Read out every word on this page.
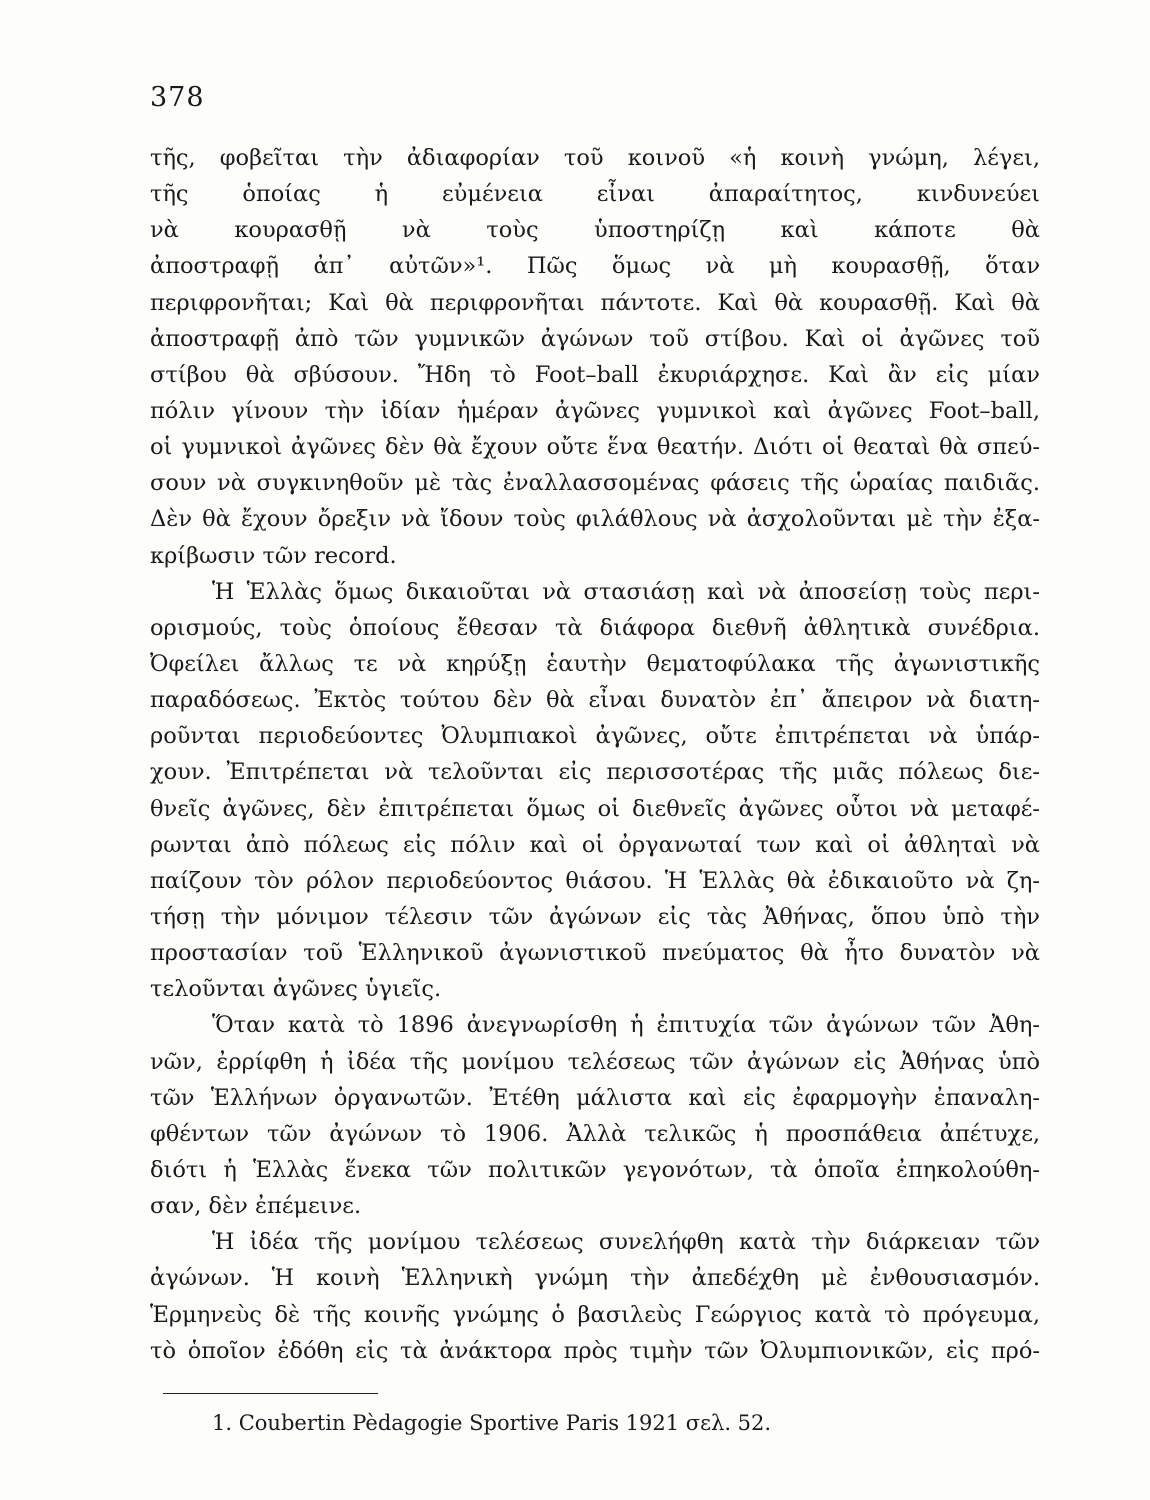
378
τῆς, φοβεῖται τὴν ἀδιαφορίαν τοῦ κοινοῦ «ἡ κοινὴ γνώμη, λέγει,
τῆς ὁποίας ἡ εὐμένεια εἶναι ἀπαραίτητος, κινδυνεύει
νὰ κουρασθῇ νὰ τοὺς ὑποστηρίζῃ καὶ κάποτε θὰ
ἀποστραφῇ ἀπ᾽ αὐτῶν»¹. Πῶς ὅμως νὰ μὴ κουρασθῇ, ὅταν
περιφρονῆται; Καὶ θὰ περιφρονῆται πάντοτε. Καὶ θὰ κουρασθῇ. Καὶ θὰ
ἀποστραφῇ ἀπὸ τῶν γυμνικῶν ἀγώνων τοῦ στίβου. Καὶ οἱ ἀγῶνες τοῦ
στίβου θὰ σβύσουν. Ἤδη τὸ Foot–ball ἐκυριάρχησε. Καὶ ἂν εἰς μίαν
πόλιν γίνουν τὴν ἰδίαν ἡμέραν ἀγῶνες γυμνικοὶ καὶ ἀγῶνες Foot–ball,
οἱ γυμνικοὶ ἀγῶνες δὲν θὰ ἔχουν οὔτε ἕνα θεατήν. Διότι οἱ θεαταὶ θὰ σπεύ-
σουν νὰ συγκινηθοῦν μὲ τὰς ἐναλλασσομένας φάσεις τῆς ὡραίας παιδιᾶς.
Δὲν θὰ ἔχουν ὄρεξιν νὰ ἴδουν τοὺς φιλάθλους νὰ ἀσχολοῦνται μὲ τὴν ἐξα-
κρίβωσιν τῶν record.
Ἡ Ἑλλὰς ὅμως δικαιοῦται νὰ στασιάσῃ καὶ νὰ ἀποσείσῃ τοὺς περι-
ορισμούς, τοὺς ὁποίους ἔθεσαν τὰ διάφορα διεθνῆ ἀθλητικὰ συνέδρια.
Ὀφείλει ἄλλως τε νὰ κηρύξῃ ἑαυτὴν θεματοφύλακα τῆς ἀγωνιστικῆς
παραδόσεως. Ἐκτὸς τούτου δὲν θὰ εἶναι δυνατὸν ἐπ᾽ ἄπειρον νὰ διατη-
ροῦνται περιοδεύοντες Ὀλυμπιακοὶ ἀγῶνες, οὔτε ἐπιτρέπεται νὰ ὑπάρ-
χουν. Ἐπιτρέπεται νὰ τελοῦνται εἰς περισσοτέρας τῆς μιᾶς πόλεως διε-
θνεῖς ἀγῶνες, δὲν ἐπιτρέπεται ὅμως οἱ διεθνεῖς ἀγῶνες οὗτοι νὰ μεταφέ-
ρωνται ἀπὸ πόλεως εἰς πόλιν καὶ οἱ ὀργανωταί των καὶ οἱ ἀθληταὶ νὰ
παίζουν τὸν ρόλον περιοδεύοντος θιάσου. Ἡ Ἑλλὰς θὰ ἐδικαιοῦτο νὰ ζη-
τήσῃ τὴν μόνιμον τέλεσιν τῶν ἀγώνων εἰς τὰς Ἀθήνας, ὅπου ὑπὸ τὴν
προστασίαν τοῦ Ἑλληνικοῦ ἀγωνιστικοῦ πνεύματος θὰ ἦτο δυνατὸν νὰ
τελοῦνται ἀγῶνες ὑγιεῖς.
Ὅταν κατὰ τὸ 1896 ἀνεγνωρίσθη ἡ ἐπιτυχία τῶν ἀγώνων τῶν Ἀθη-
νῶν, ἐρρίφθη ἡ ἰδέα τῆς μονίμου τελέσεως τῶν ἀγώνων εἰς Ἀθήνας ὑπὸ
τῶν Ἑλλήνων ὀργανωτῶν. Ἐτέθη μάλιστα καὶ εἰς ἐφαρμογὴν ἐπαναλη-
φθέντων τῶν ἀγώνων τὸ 1906. Ἀλλὰ τελικῶς ἡ προσπάθεια ἀπέτυχε,
διότι ἡ Ἑλλὰς ἕνεκα τῶν πολιτικῶν γεγονότων, τὰ ὁποῖα ἐπηκολούθη-
σαν, δὲν ἐπέμεινε.
Ἡ ἰδέα τῆς μονίμου τελέσεως συνελήφθη κατὰ τὴν διάρκειαν τῶν
ἀγώνων. Ἡ κοινὴ Ἑλληνικὴ γνώμη τὴν ἀπεδέχθη μὲ ἐνθουσιασμόν.
Ἑρμηνεὺς δὲ τῆς κοινῆς γνώμης ὁ βασιλεὺς Γεώργιος κατὰ τὸ πρόγευμα,
τὸ ὁποῖον ἐδόθη εἰς τὰ ἀνάκτορα πρὸς τιμὴν τῶν Ὀλυμπιονικῶν, εἰς πρό-
1. Coubertin Pèdagogie Sportive Paris 1921 σελ. 52.
